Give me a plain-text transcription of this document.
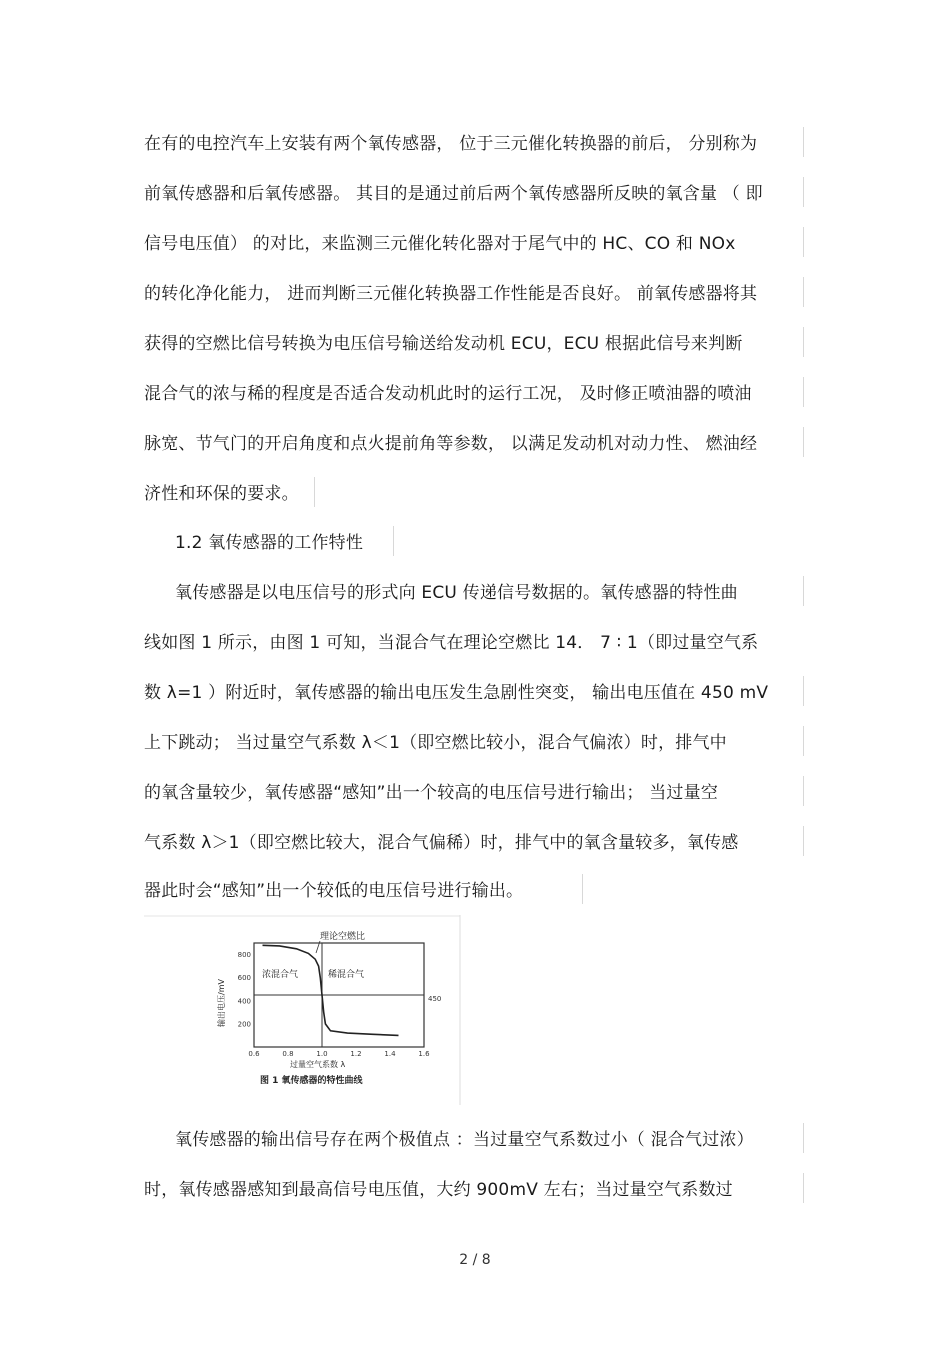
在有的电控汽车上安装有两个氧传感器， 位于三元催化转换器的前后， 分别称为
前氧传感器和后氧传感器。 其目的是通过前后两个氧传感器所反映的氧含量 （ 即
信号电压值） 的对比，来监测三元催化转化器对于尾气中的 HC、CO 和 NOx
的转化净化能力， 进而判断三元催化转换器工作性能是否良好。 前氧传感器将其
获得的空燃比信号转换为电压信号输送给发动机 ECU，ECU 根据此信号来判断
混合气的浓与稀的程度是否适合发动机此时的运行工况， 及时修正喷油器的喷油
脉宽、节气门的开启角度和点火提前角等参数， 以满足发动机对动力性、 燃油经
济性和环保的要求。
1.2 氧传感器的工作特性
氧传感器是以电压信号的形式向 ECU 传递信号数据的。氧传感器的特性曲
线如图 1 所示，由图 1 可知，当混合气在理论空燃比 14． 7 ∶ 1（即过量空气系
数 λ=1 ）附近时，氧传感器的输出电压发生急剧性突变， 输出电压值在 450 mV
上下跳动； 当过量空气系数 λ＜1（即空燃比较小，混合气偏浓）时，排气中
的氧含量较少，氧传感器“感知”出一个较高的电压信号进行输出； 当过量空
气系数 λ＞1（即空燃比较大，混合气偏稀）时，排气中的氧含量较多，氧传感
器此时会“感知”出一个较低的电压信号进行输出。
800
600
400
200
0.6	0.8	1.0	1.2	1.4	1.6
理论空燃比
浓混合气	稀混合气
450
输出电压/mV
过量空气系数 λ
图 1 氧传感器的特性曲线
氧传感器的输出信号存在两个极值点 ：当过量空气系数过小（ 混合气过浓）
时，氧传感器感知到最高信号电压值，大约 900mV 左右；当过量空气系数过
2 / 8
